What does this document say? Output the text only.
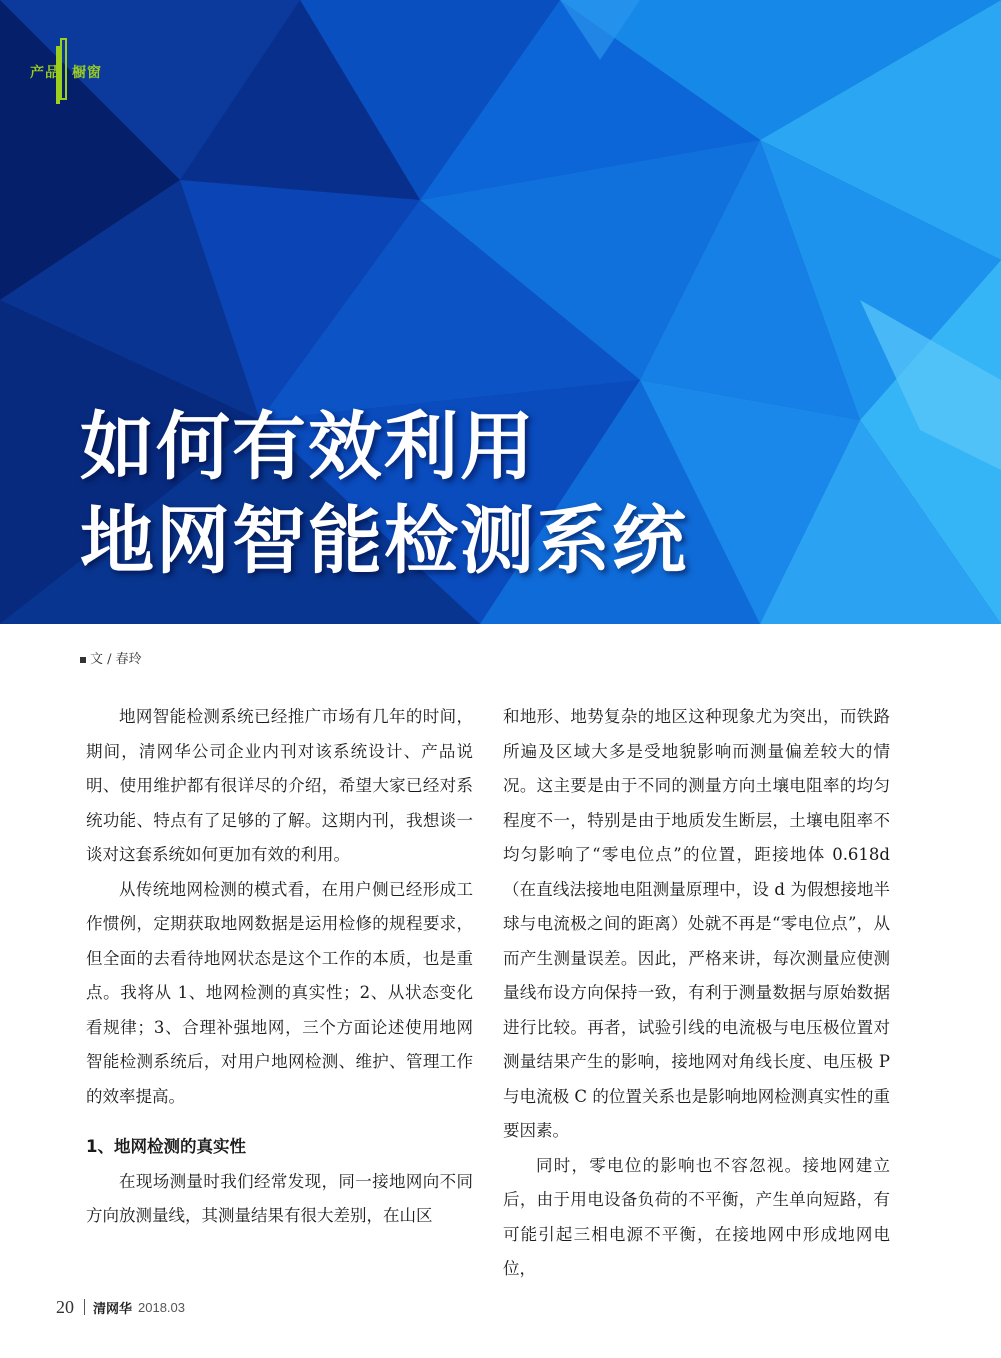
产品 橱窗
如何有效利用
地网智能检测系统
文 / 春玲

地网智能检测系统已经推广市场有几年的时间，期间，清网华公司企业内刊对该系统设计、产品说明、使用维护都有很详尽的介绍，希望大家已经对系统功能、特点有了足够的了解。这期内刊，我想谈一谈对这套系统如何更加有效的利用。

从传统地网检测的模式看，在用户侧已经形成工作惯例，定期获取地网数据是运用检修的规程要求，但全面的去看待地网状态是这个工作的本质，也是重点。我将从 1、地网检测的真实性；2、从状态变化看规律；3、合理补强地网，三个方面论述使用地网智能检测系统后，对用户地网检测、维护、管理工作的效率提高。

1、地网检测的真实性

在现场测量时我们经常发现，同一接地网向不同方向放测量线，其测量结果有很大差别，在山区

和地形、地势复杂的地区这种现象尤为突出，而铁路所遍及区域大多是受地貌影响而测量偏差较大的情况。这主要是由于不同的测量方向土壤电阻率的均匀程度不一，特别是由于地质发生断层，土壤电阻率不均匀影响了“零电位点”的位置，距接地体 0.618d（在直线法接地电阻测量原理中，设 d 为假想接地半球与电流极之间的距离）处就不再是“零电位点”，从而产生测量误差。因此，严格来讲，每次测量应使测量线布设方向保持一致，有利于测量数据与原始数据进行比较。再者，试验引线的电流极与电压极位置对测量结果产生的影响，接地网对角线长度、电压极 P 与电流极 C 的位置关系也是影响地网检测真实性的重要因素。

同时，零电位的影响也不容忽视。接地网建立后，由于用电设备负荷的不平衡，产生单向短路，有可能引起三相电源不平衡，在接地网中形成地网电位，

20 清网华 2018.03
